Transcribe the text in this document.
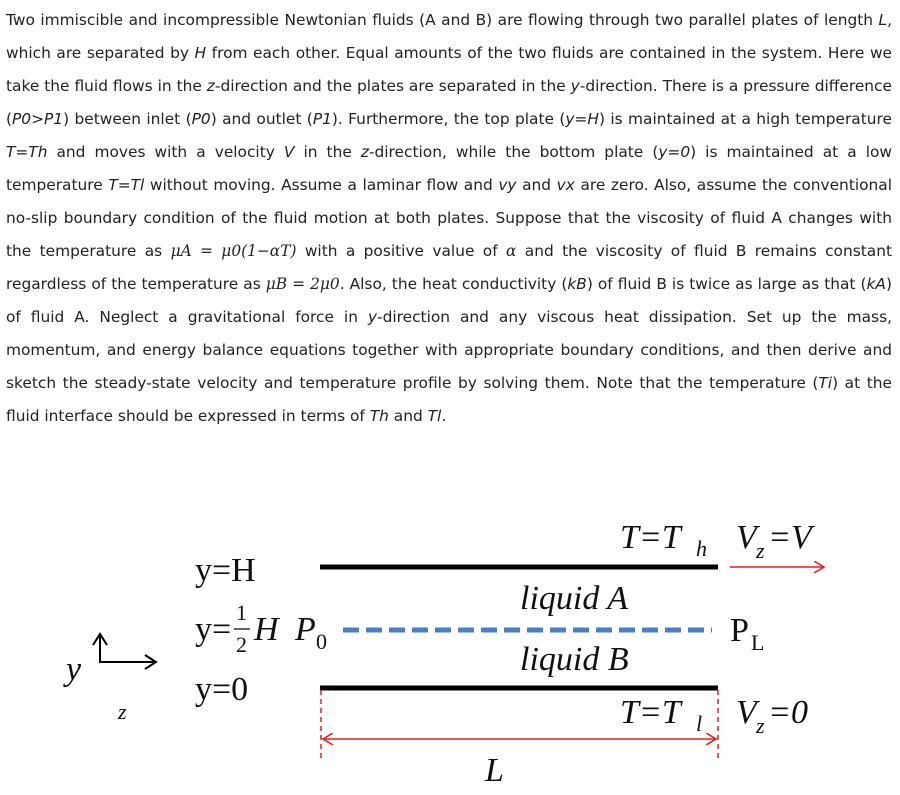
Two immiscible and incompressible Newtonian fluids (A and B) are flowing through two parallel plates of length L, which are separated by H from each other. Equal amounts of the two fluids are contained in the system. Here we take the fluid flows in the z-direction and the plates are separated in the y-direction. There is a pressure difference (P0>P1) between inlet (P0) and outlet (P1). Furthermore, the top plate (y=H) is maintained at a high temperature T=Th and moves with a velocity V in the z-direction, while the bottom plate (y=0) is maintained at a low temperature T=Tl without moving. Assume a laminar flow and vy and vx are zero. Also, assume the conventional no-slip boundary condition of the fluid motion at both plates. Suppose that the viscosity of fluid A changes with the temperature as μA = μ0(1−αT) with a positive value of α and the viscosity of fluid B remains constant regardless of the temperature as μB = 2μ0. Also, the heat conductivity (kB) of fluid B is twice as large as that (kA) of fluid A. Neglect a gravitational force in y-direction and any viscous heat dissipation. Set up the mass, momentum, and energy balance equations together with appropriate boundary conditions, and then derive and sketch the steady-state velocity and temperature profile by solving them. Note that the temperature (Ti) at the fluid interface should be expressed in terms of Th and Tl.

y
z
y=H
y= 1
2 H P 0
y=0
liquid A
liquid B
P L
T=T h V z =V
T=T l V z =0
L
